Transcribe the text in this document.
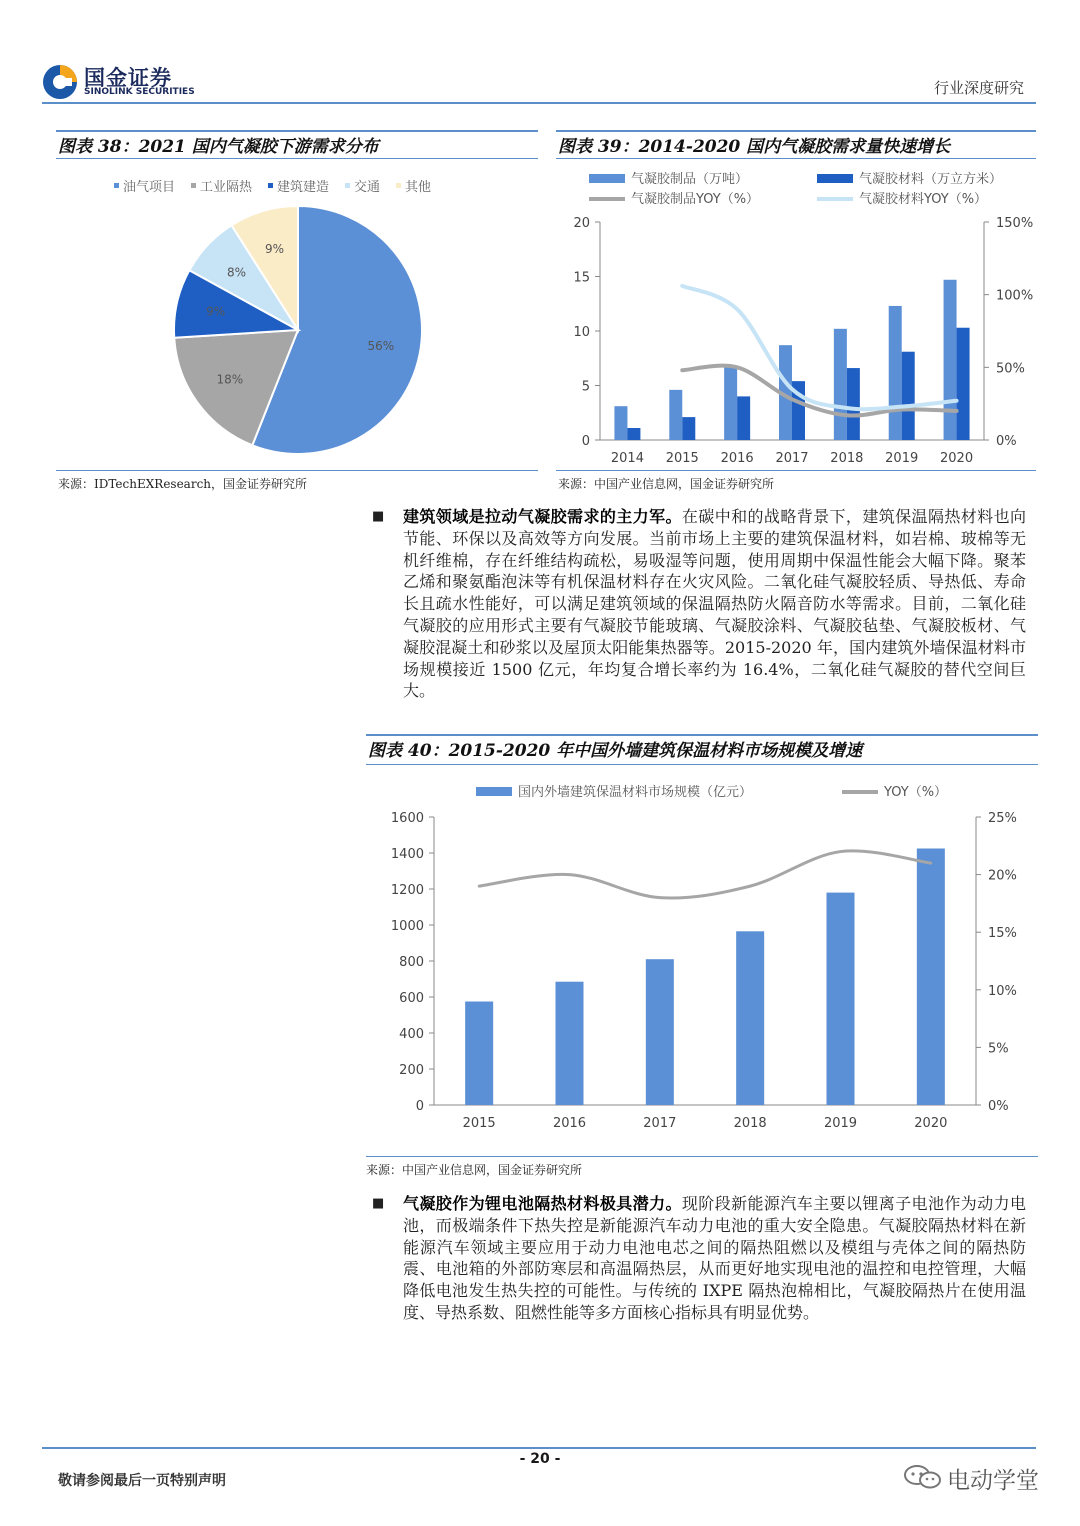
国金证券
SINOLINK SECURITIES	行业深度研究
图表 38：2021 国内气凝胶下游需求分布
56%
18%
9%
8%
9%
油气项目 工业隔热 建筑建造 交通 其他
来源：IDTechEXResearch，国金证券研究所
图表 39：2014-2020 国内气凝胶需求量快速增长
0
5
10
15
20
0%
50%
100%
150%
2014 2015 2016 2017 2018 2019 2020
气凝胶制品（万吨）	气凝胶材料（万立方米）
气凝胶制品YOY（%）	气凝胶材料YOY（%）
来源：中国产业信息网，国金证券研究所
■ 建筑领域是拉动气凝胶需求的主力军。在碳中和的战略背景下，建筑保温隔热材料也向节能、环保以及高效等方向发展。当前市场上主要的建筑保温材料，如岩棉、玻棉等无机纤维棉，存在纤维结构疏松，易吸湿等问题，使用周期中保温性能会大幅下降。聚苯乙烯和聚氨酯泡沫等有机保温材料存在火灾风险。二氧化硅气凝胶轻质、导热低、寿命长且疏水性能好，可以满足建筑领域的保温隔热防火隔音防水等需求。目前，二氧化硅气凝胶的应用形式主要有气凝胶节能玻璃、气凝胶涂料、气凝胶毡垫、气凝胶板材、气凝胶混凝土和砂浆以及屋顶太阳能集热器等。2015-2020 年，国内建筑外墙保温材料市场规模接近 1500 亿元，年均复合增长率约为 16.4%，二氧化硅气凝胶的替代空间巨大。
图表 40：2015-2020 年中国外墙建筑保温材料市场规模及增速
0
200
400
600
800
1000
1200
1400
1600
0%
5%
10%
15%
20%
25%
2015	2016	2017	2018	2019	2020
国内外墙建筑保温材料市场规模（亿元）	YOY（%）
来源：中国产业信息网，国金证券研究所
■ 气凝胶作为锂电池隔热材料极具潜力。现阶段新能源汽车主要以锂离子电池作为动力电池，而极端条件下热失控是新能源汽车动力电池的重大安全隐患。气凝胶隔热材料在新能源汽车领域主要应用于动力电池电芯之间的隔热阻燃以及模组与壳体之间的隔热防震、电池箱的外部防寒层和高温隔热层，从而更好地实现电池的温控和电控管理，大幅降低电池发生热失控的可能性。与传统的 IXPE 隔热泡棉相比，气凝胶隔热片在使用温度、导热系数、阻燃性能等多方面核心指标具有明显优势。
- 20 -
敬请参阅最后一页特别声明	电动学堂
